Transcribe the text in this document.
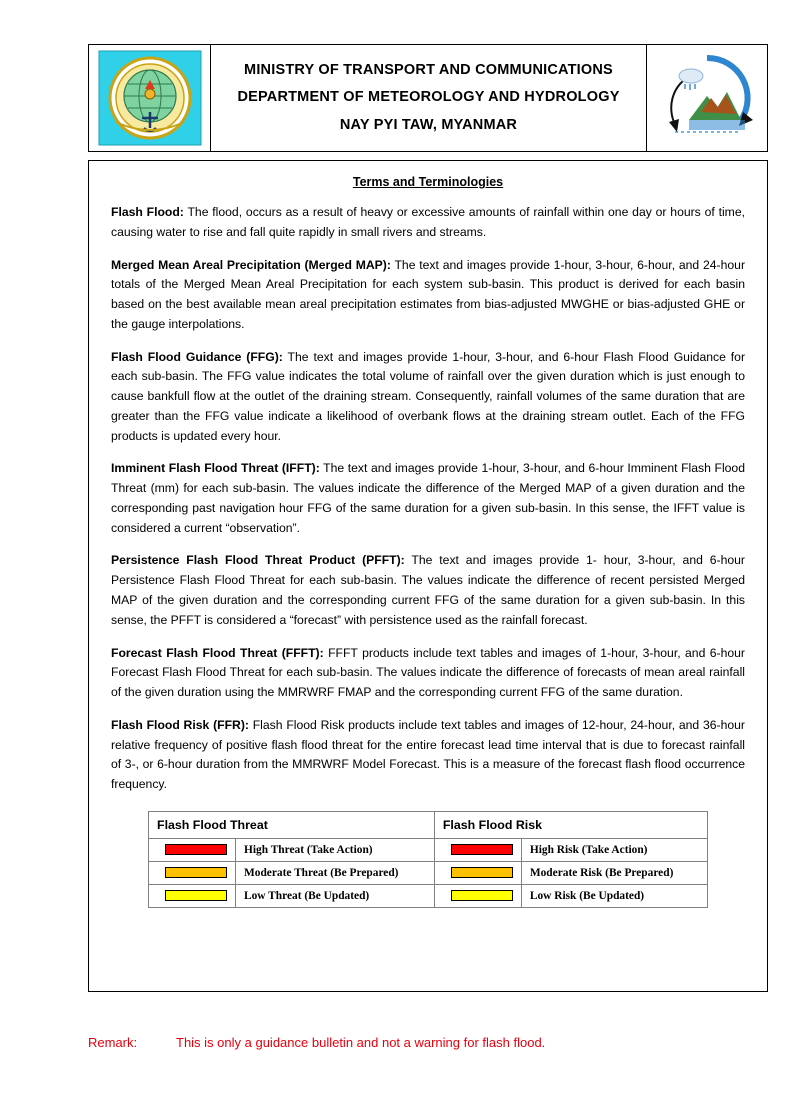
MINISTRY OF TRANSPORT AND COMMUNICATIONS
DEPARTMENT OF METEOROLOGY AND HYDROLOGY
NAY PYI TAW, MYANMAR
Terms and Terminologies

Flash Flood: The flood, occurs as a result of heavy or excessive amounts of rainfall within one day or hours of time, causing water to rise and fall quite rapidly in small rivers and streams.

Merged Mean Areal Precipitation (Merged MAP): The text and images provide 1-hour, 3-hour, 6-hour, and 24-hour totals of the Merged Mean Areal Precipitation for each system sub-basin. This product is derived for each basin based on the best available mean areal precipitation estimates from bias-adjusted MWGHE or bias-adjusted GHE or the gauge interpolations.

Flash Flood Guidance (FFG): The text and images provide 1-hour, 3-hour, and 6-hour Flash Flood Guidance for each sub-basin. The FFG value indicates the total volume of rainfall over the given duration which is just enough to cause bankfull flow at the outlet of the draining stream. Consequently, rainfall volumes of the same duration that are greater than the FFG value indicate a likelihood of overbank flows at the draining stream outlet. Each of the FFG products is updated every hour.

Imminent Flash Flood Threat (IFFT): The text and images provide 1-hour, 3-hour, and 6-hour Imminent Flash Flood Threat (mm) for each sub-basin. The values indicate the difference of the Merged MAP of a given duration and the corresponding past navigation hour FFG of the same duration for a given sub-basin. In this sense, the IFFT value is considered a current “observation”.

Persistence Flash Flood Threat Product (PFFT): The text and images provide 1- hour, 3-hour, and 6-hour Persistence Flash Flood Threat for each sub-basin. The values indicate the difference of recent persisted Merged MAP of the given duration and the corresponding current FFG of the same duration for a given sub-basin. In this sense, the PFFT is considered a “forecast” with persistence used as the rainfall forecast.

Forecast Flash Flood Threat (FFFT): FFFT products include text tables and images of 1-hour, 3-hour, and 6-hour Forecast Flash Flood Threat for each sub-basin. The values indicate the difference of forecasts of mean areal rainfall of the given duration using the MMRWRF FMAP and the corresponding current FFG of the same duration.

Flash Flood Risk (FFR): Flash Flood Risk products include text tables and images of 12-hour, 24-hour, and 36-hour relative frequency of positive flash flood threat for the entire forecast lead time interval that is due to forecast rainfall of 3-, or 6-hour duration from the MMRWRF Model Forecast. This is a measure of the forecast flash flood occurrence frequency.

Flash Flood Threat		Flash Flood Risk	

	High Threat (Take Action)		High Risk (Take Action)

	Moderate Threat (Be Prepared)		Moderate Risk (Be Prepared)

	Low Threat (Be Updated)		Low Risk (Be Updated)
Remark:	This is only a guidance bulletin and not a warning for flash flood.
